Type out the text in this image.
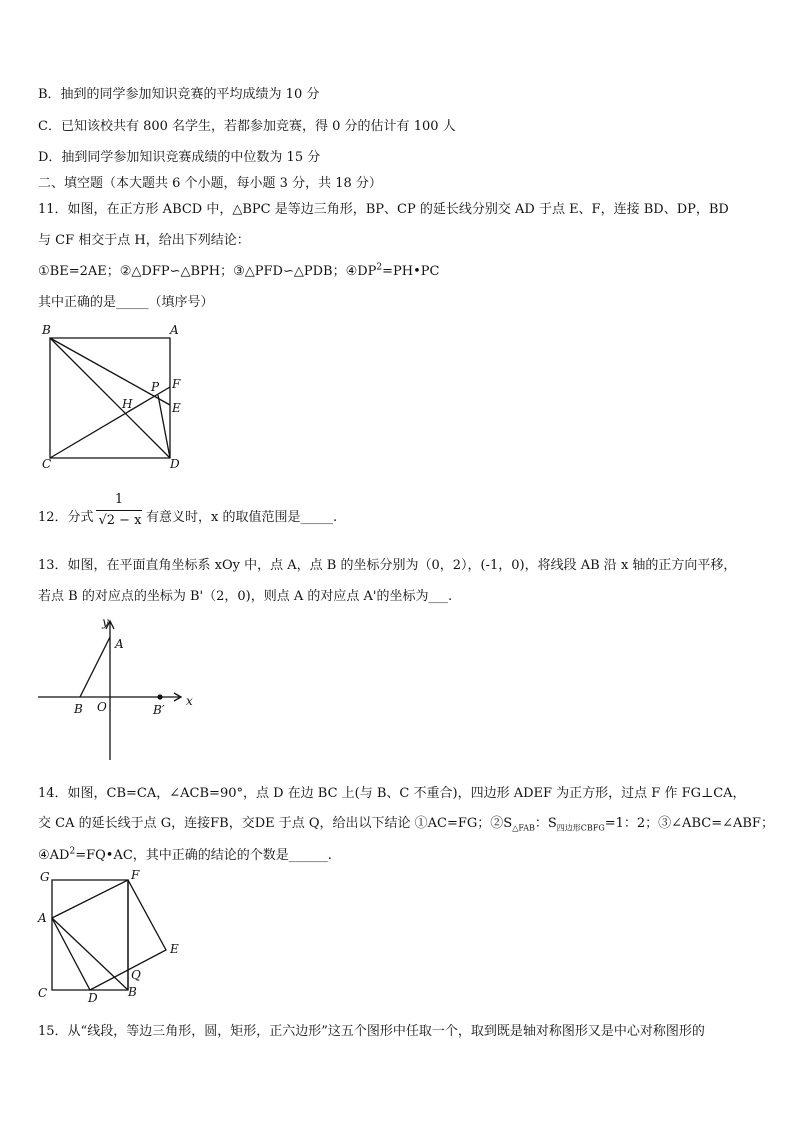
B．抽到的同学参加知识竞赛的平均成绩为 10 分
C．已知该校共有 800 名学生，若都参加竞赛，得 0 分的估计有 100 人
D．抽到同学参加知识竞赛成绩的中位数为 15 分
二、填空题（本大题共 6 个小题，每小题 3 分，共 18 分）
11．如图，在正方形 ABCD 中，△BPC 是等边三角形，BP、CP 的延长线分别交 AD 于点 E、F，连接 BD、DP，BD
与 CF 相交于点 H，给出下列结论：
①BE=2AE；②△DFP∽△BPH；③△PFD∽△PDB；$④DP^2=PH•PC$
其中正确的是_____（填序号）
B	A
C	D
P F
E
H
12．分式
1
√2 − x 有意义时，x 的取值范围是_____.
13．如图，在平面直角坐标系 xOy 中，点 A，点 B 的坐标分别为（0，2），(-1，0)，将线段 AB 沿 x 轴的正方向平移，
若点 B 的对应点的坐标为 B'（2，0)，则点 A 的对应点 A'的坐标为___.
y
x
A
B O	B′
14．如图，CB=CA，∠ACB=90°，点 D 在边 BC 上(与 B、C 不重合)，四边形 ADEF 为正方形，过点 F 作 FG⊥CA，
交 CA 的延长线于点 G，连接FB，交DE 于点 Q，给出以下结论 ①AC=FG；$②S_{\triangle FAB}$：$S_{四边形CBFG}=1$：2；③∠ABC=∠ABF；
$④AD^2=FQ•AC$，其中正确的结论的个数是______.
G	F
A
E
Q
C	D	B
15．从“线段，等边三角形，圆，矩形，正六边形”这五个图形中任取一个，取到既是轴对称图形又是中心对称图形的
